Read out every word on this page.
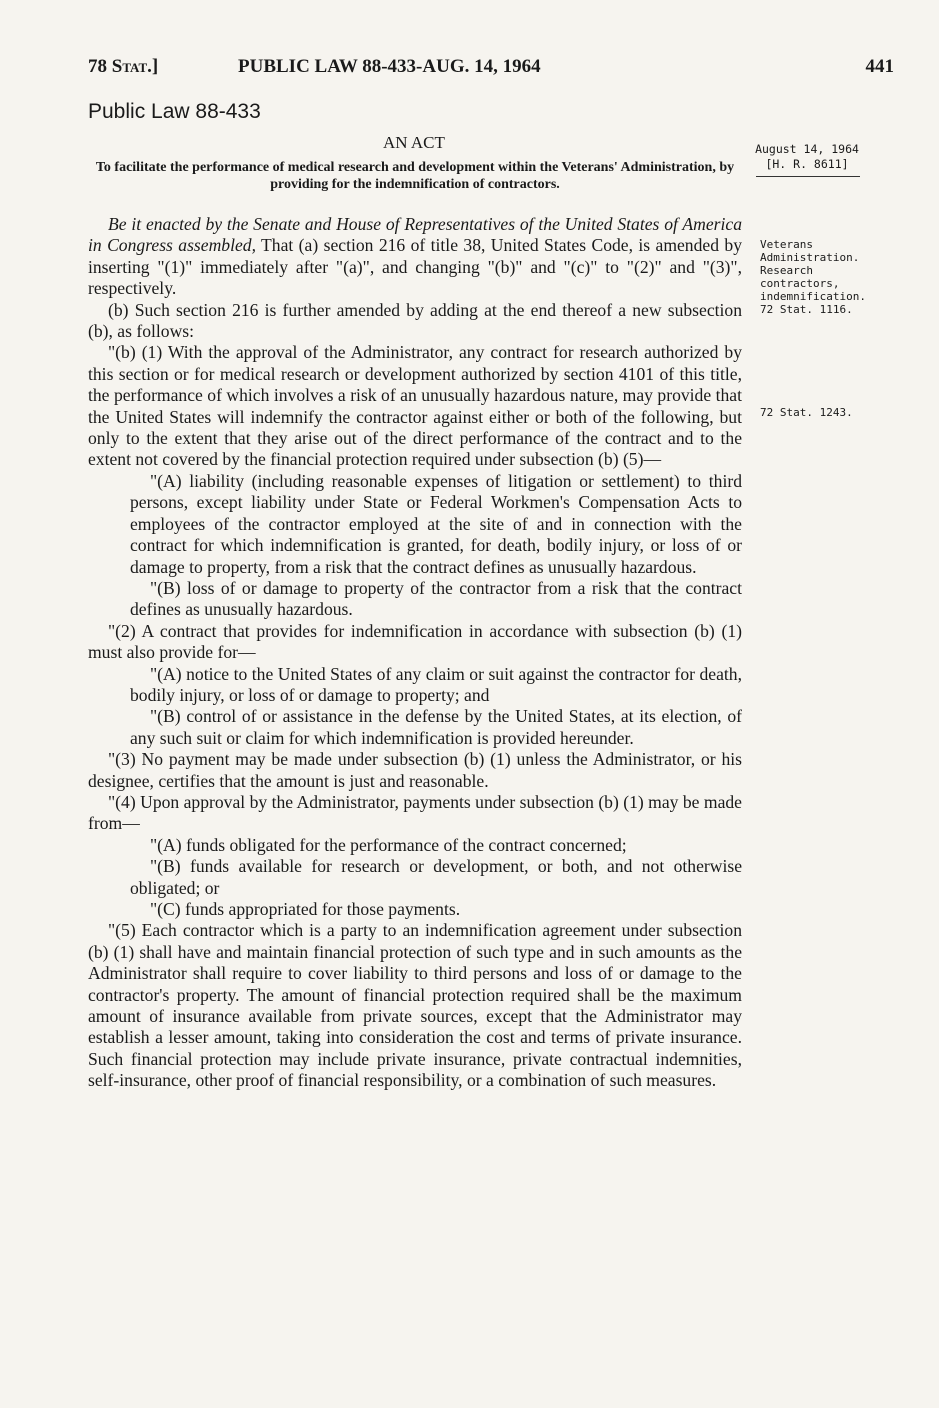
78 Stat.]	PUBLIC LAW 88-433-AUG. 14, 1964	441
Public Law 88-433
AN ACT
To facilitate the performance of medical research and development within the Veterans' Administration, by providing for the indemnification of contractors.
August 14, 1964
[H. R. 8611]
Veterans Administration. Research contractors, indemnification. 72 Stat. 1116.
72 Stat. 1243.

Be it enacted by the Senate and House of Representatives of the United States of America in Congress assembled, That (a) section 216 of title 38, United States Code, is amended by inserting "(1)" immediately after "(a)", and changing "(b)" and "(c)" to "(2)" and "(3)", respectively.

(b) Such section 216 is further amended by adding at the end thereof a new subsection (b), as follows:

"(b) (1) With the approval of the Administrator, any contract for research authorized by this section or for medical research or development authorized by section 4101 of this title, the performance of which involves a risk of an unusually hazardous nature, may provide that the United States will indemnify the contractor against either or both of the following, but only to the extent that they arise out of the direct performance of the contract and to the extent not covered by the financial protection required under subsection (b) (5)—

"(A) liability (including reasonable expenses of litigation or settlement) to third persons, except liability under State or Federal Workmen's Compensation Acts to employees of the contractor employed at the site of and in connection with the contract for which indemnification is granted, for death, bodily injury, or loss of or damage to property, from a risk that the contract defines as unusually hazardous.

"(B) loss of or damage to property of the contractor from a risk that the contract defines as unusually hazardous.

"(2) A contract that provides for indemnification in accordance with subsection (b) (1) must also provide for—

"(A) notice to the United States of any claim or suit against the contractor for death, bodily injury, or loss of or damage to property; and

"(B) control of or assistance in the defense by the United States, at its election, of any such suit or claim for which indemnification is provided hereunder.

"(3) No payment may be made under subsection (b) (1) unless the Administrator, or his designee, certifies that the amount is just and reasonable.

"(4) Upon approval by the Administrator, payments under subsection (b) (1) may be made from—

"(A) funds obligated for the performance of the contract concerned;

"(B) funds available for research or development, or both, and not otherwise obligated; or

"(C) funds appropriated for those payments.

"(5) Each contractor which is a party to an indemnification agreement under subsection (b) (1) shall have and maintain financial protection of such type and in such amounts as the Administrator shall require to cover liability to third persons and loss of or damage to the contractor's property. The amount of financial protection required shall be the maximum amount of insurance available from private sources, except that the Administrator may establish a lesser amount, taking into consideration the cost and terms of private insurance. Such financial protection may include private insurance, private contractual indemnities, self-insurance, other proof of financial responsibility, or a combination of such measures.
